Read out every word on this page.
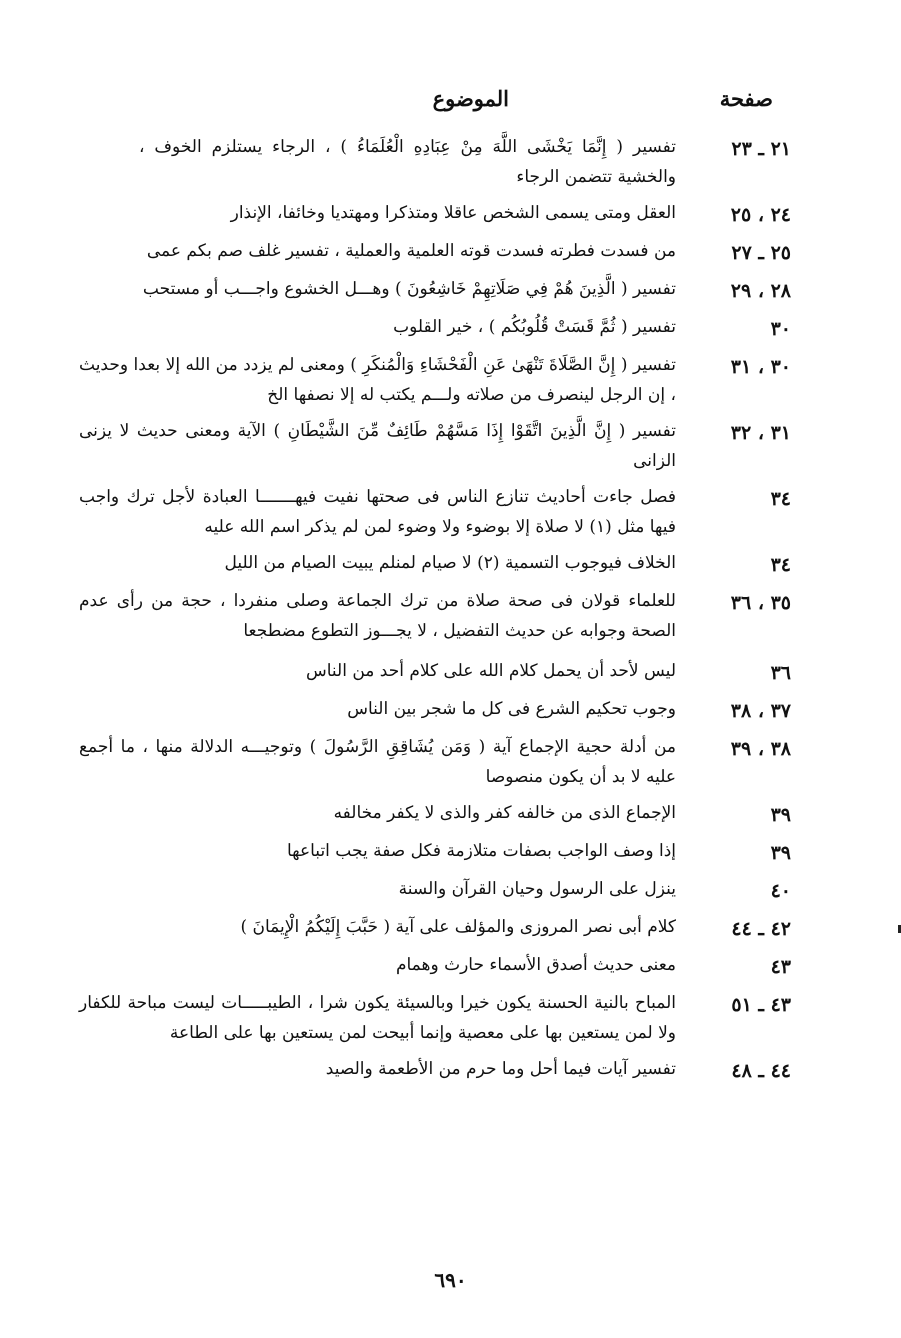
صفحة
الموضوع
٢١ ـ ٢٣
تفسير ( إِنَّمَا يَخْشَى اللَّهَ مِنْ عِبَادِهِ الْعُلَمَاءُ ) ، الرجاء يستلزم الخوف ، والخشية تتضمن الرجاء
٢٤ ، ٢٥
العقل ومتى يسمى الشخص عاقلا ومتذكرا ومهتديا وخائفا، الإنذار
٢٥ ـ ٢٧
من فسدت فطرته فسدت قوته العلمية والعملية ، تفسير غلف صم بكم عمى
٢٨ ، ٢٩
تفسير ( الَّذِينَ هُمْ فِي صَلَاتِهِمْ خَاشِعُونَ ) وهـــل الخشوع واجـــب أو مستحب
٣٠
تفسير ( ثُمَّ قَسَتْ قُلُوبُكُم ) ، خير القلوب
٣٠ ، ٣١
تفسير ( إِنَّ الصَّلَاةَ تَنْهَىٰ عَنِ الْفَحْشَاءِ وَالْمُنكَرِ ) ومعنى لم يزدد من الله إلا بعدا وحديث ، إن الرجل لينصرف من صلاته ولـــم يكتب له إلا نصفها الخ
٣١ ، ٣٢
تفسير ( إِنَّ الَّذِينَ اتَّقَوْا إِذَا مَسَّهُمْ طَائِفٌ مِّنَ الشَّيْطَانِ ) الآية ومعنى حديث لا يزنى الزانى
٣٤
فصل جاءت أحاديث تنازع الناس فى صحتها نفيت فيهـــــــا العبادة لأجل ترك واجب فيها مثل (١) لا صلاة إلا بوضوء ولا وضوء لمن لم يذكر اسم الله عليه
٣٤
الخلاف فيوجوب التسمية (٢) لا صيام لمنلم يبيت الصيام من الليل
٣٥ ، ٣٦
للعلماء قولان فى صحة صلاة من ترك الجماعة وصلى منفردا ، حجة من رأى عدم الصحة وجوابه عن حديث التفضيل ، لا يجـــوز التطوع مضطجعا
٣٦
ليس لأحد أن يحمل كلام الله على كلام أحد من الناس
٣٧ ، ٣٨
وجوب تحكيم الشرع فى كل ما شجر بين الناس
٣٨ ، ٣٩
من أدلة حجية الإجماع آية ( وَمَن يُشَاقِقِ الرَّسُولَ ) وتوجيـــه الدلالة منها ، ما أجمع عليه لا بد أن يكون منصوصا
٣٩
الإجماع الذى من خالفه كفر والذى لا يكفر مخالفه
٣٩
إذا وصف الواجب بصفات متلازمة فكل صفة يجب اتباعها
٤٠
ينزل على الرسول وحيان القرآن والسنة
٤٢ ـ ٤٤
كلام أبى نصر المروزى والمؤلف على آية ( حَبَّبَ إِلَيْكُمُ الْإِيمَانَ )
٤٣
معنى حديث أصدق الأسماء حارث وهمام
٤٣ ـ ٥١
المباح بالنية الحسنة يكون خيرا وبالسيئة يكون شرا ، الطيبـــــات ليست مباحة للكفار ولا لمن يستعين بها على معصية وإنما أبيحت لمن يستعين بها على الطاعة
٤٤ ـ ٤٨
تفسير آيات فيما أحل وما حرم من الأطعمة والصيد
٦٩٠
